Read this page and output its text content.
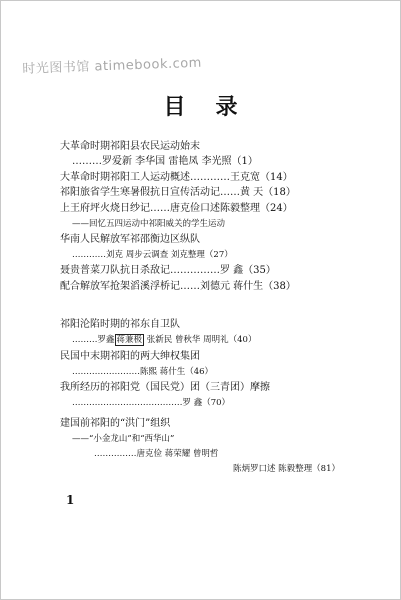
时光图书馆 atimebook.com
目录
大革命时期祁阳县农民运动始末
………罗爱新 李华国 雷艳凤 李光照（1）
大革命时期祁阳工人运动概述…………王克宽（14）
祁阳旅省学生寒暑假抗日宣传活动记……黄 天（18）
上王府坪火烧日纱记……唐克俭口述陈毅整理（24）
——回忆五四运动中祁阳威关的学生运动
华南人民解放军祁邵衡边区纵队
…………刘克 周步云调查 刘克整理（27）
聂贵普菜刀队抗日杀敌记……………罗 鑫（35）
配合解放军抢架滔溪浮桥记……刘德元 蒋什生（38）
祁阳沦陷时期的祁东自卫队
………罗鑫 蒋兼极 张新民 曾秋华 周明礼（40）
民国中末期祁阳的两大绅权集团
……………………陈熙 蒋什生（46）
我所经历的祁阳党（国民党）团（三青团）摩擦
…………………………………罗 鑫（70）
建国前祁阳的“洪门”组织
——“小金龙山”和“西华山”
……………唐克俭 蒋荣耀 曾明哲
陈炳罗口述 陈毅整理（81）
1
